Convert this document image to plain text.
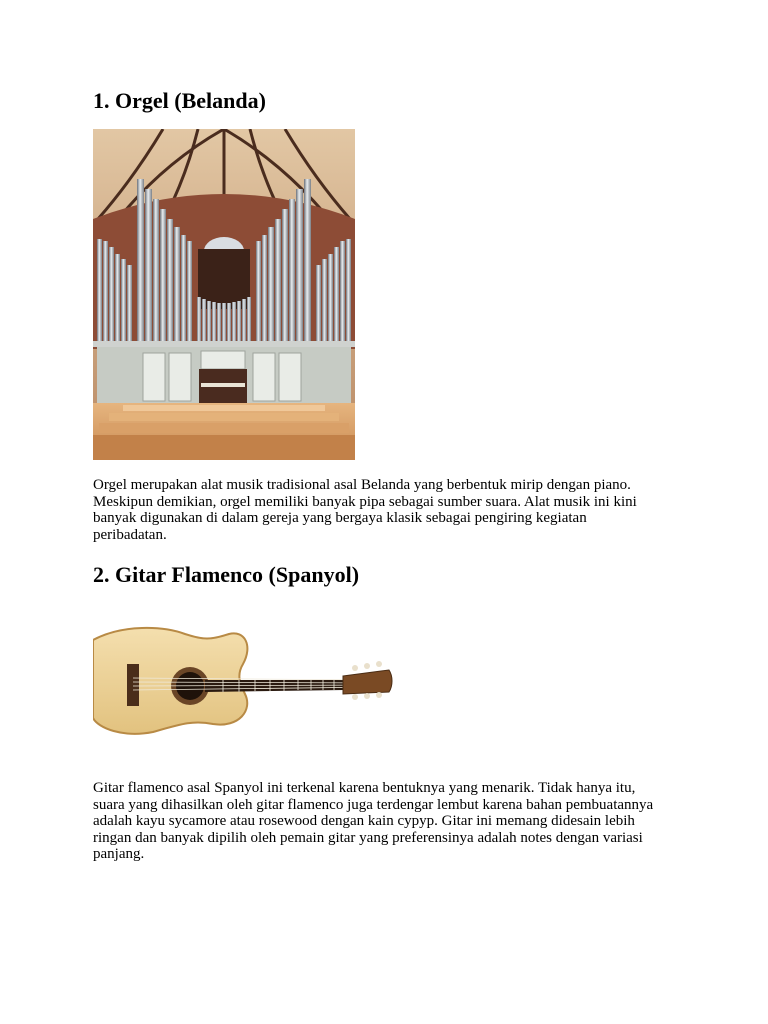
1. Orgel (Belanda)

Orgel merupakan alat musik tradisional asal Belanda yang berbentuk mirip dengan piano.
Meskipun demikian, orgel memiliki banyak pipa sebagai sumber suara. Alat musik ini kini
banyak digunakan di dalam gereja yang bergaya klasik sebagai pengiring kegiatan
peribadatan.

2. Gitar Flamenco (Spanyol)

Gitar flamenco asal Spanyol ini terkenal karena bentuknya yang menarik. Tidak hanya itu,
suara yang dihasilkan oleh gitar flamenco juga terdengar lembut karena bahan pembuatannya
adalah kayu sycamore atau rosewood dengan kain cypyp. Gitar ini memang didesain lebih
ringan dan banyak dipilih oleh pemain gitar yang preferensinya adalah notes dengan variasi
panjang.
